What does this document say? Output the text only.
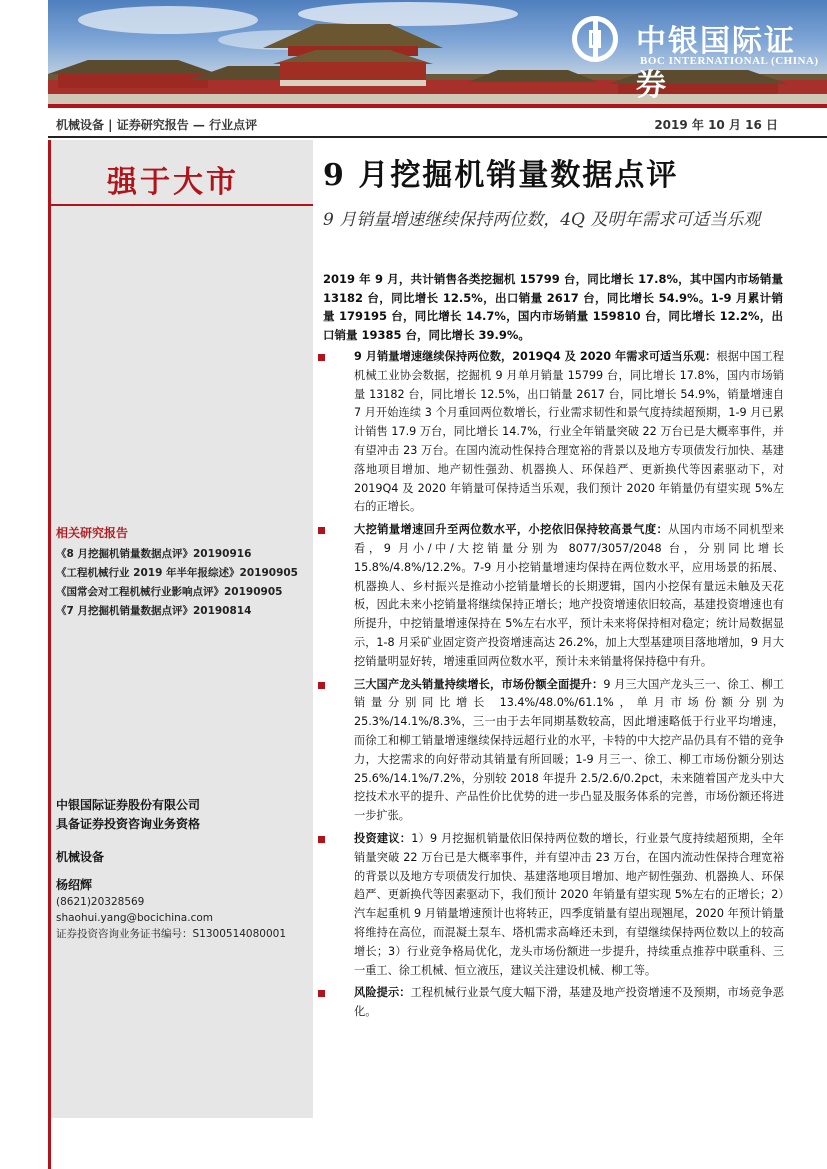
中银国际证券
BOC INTERNATIONAL (CHINA)
机械设备 | 证券研究报告 — 行业点评	2019 年 10 月 16 日
强于大市
相关研究报告
《8 月挖掘机销量数据点评》20190916
《工程机械行业 2019 年半年报综述》20190905
《国常会对工程机械行业影响点评》20190905
《7 月挖掘机销量数据点评》20190814
中银国际证券股份有限公司
具备证券投资咨询业务资格
机械设备
杨绍辉
(8621)20328569
shaohui.yang@bocichina.com
证券投资咨询业务证书编号：S1300514080001
9 月挖掘机销量数据点评
9 月销量增速继续保持两位数，4Q 及明年需求可适当乐观
2019 年 9 月，共计销售各类挖掘机 15799 台，同比增长 17.8%，其中国内市场销量 13182 台，同比增长 12.5%，出口销量 2617 台，同比增长 54.9%。1-9 月累计销量 179195 台，同比增长 14.7%，国内市场销量 159810 台，同比增长 12.2%，出口销量 19385 台，同比增长 39.9%。
9 月销量增速继续保持两位数，2019Q4 及 2020 年需求可适当乐观：根据中国工程机械工业协会数据，挖掘机 9 月单月销量 15799 台，同比增长 17.8%，国内市场销量 13182 台，同比增长 12.5%，出口销量 2617 台，同比增长 54.9%，销量增速自 7 月开始连续 3 个月重回两位数增长，行业需求韧性和景气度持续超预期，1-9 月已累计销售 17.9 万台，同比增长 14.7%，行业全年销量突破 22 万台已是大概率事件，并有望冲击 23 万台。在国内流动性保持合理宽裕的背景以及地方专项债发行加快、基建落地项目增加、地产韧性强劲、机器换人、环保趋严、更新换代等因素驱动下，对 2019Q4 及 2020 年销量可保持适当乐观，我们预计 2020 年销量仍有望实现 5%左右的正增长。
大挖销量增速回升至两位数水平，小挖依旧保持较高景气度：从国内市场不同机型来看，9 月小/中/大挖销量分别为 8077/3057/2048 台，分别同比增长 15.8%/4.8%/12.2%。7-9 月小挖销量增速均保持在两位数水平，应用场景的拓展、机器换人、乡村振兴是推动小挖销量增长的长期逻辑，国内小挖保有量远未触及天花板，因此未来小挖销量将继续保持正增长；地产投资增速依旧较高，基建投资增速也有所提升，中挖销量增速保持在 5%左右水平，预计未来将保持相对稳定；统计局数据显示，1-8 月采矿业固定资产投资增速高达 26.2%，加上大型基建项目落地增加，9 月大挖销量明显好转，增速重回两位数水平，预计未来销量将保持稳中有升。
三大国产龙头销量持续增长，市场份额全面提升：9 月三大国产龙头三一、徐工、柳工销量分别同比增长 13.4%/48.0%/61.1%，单月市场份额分别为 25.3%/14.1%/8.3%，三一由于去年同期基数较高，因此增速略低于行业平均增速，而徐工和柳工销量增速继续保持远超行业的水平，卡特的中大挖产品仍具有不错的竞争力，大挖需求的向好带动其销量有所回暖；1-9 月三一、徐工、柳工市场份额分别达 25.6%/14.1%/7.2%，分别较 2018 年提升 2.5/2.6/0.2pct，未来随着国产龙头中大挖技术水平的提升、产品性价比优势的进一步凸显及服务体系的完善，市场份额还将进一步扩张。
投资建议：1）9 月挖掘机销量依旧保持两位数的增长，行业景气度持续超预期，全年销量突破 22 万台已是大概率事件，并有望冲击 23 万台，在国内流动性保持合理宽裕的背景以及地方专项债发行加快、基建落地项目增加、地产韧性强劲、机器换人、环保趋严、更新换代等因素驱动下，我们预计 2020 年销量有望实现 5%左右的正增长；2）汽车起重机 9 月销量增速预计也将转正，四季度销量有望出现翘尾，2020 年预计销量将维持在高位，而混凝土泵车、塔机需求高峰还未到，有望继续保持两位数以上的较高增长；3）行业竞争格局优化，龙头市场份额进一步提升，持续重点推荐中联重科、三一重工、徐工机械、恒立液压，建议关注建设机械、柳工等。
风险提示：工程机械行业景气度大幅下滑，基建及地产投资增速不及预期，市场竞争恶化。
